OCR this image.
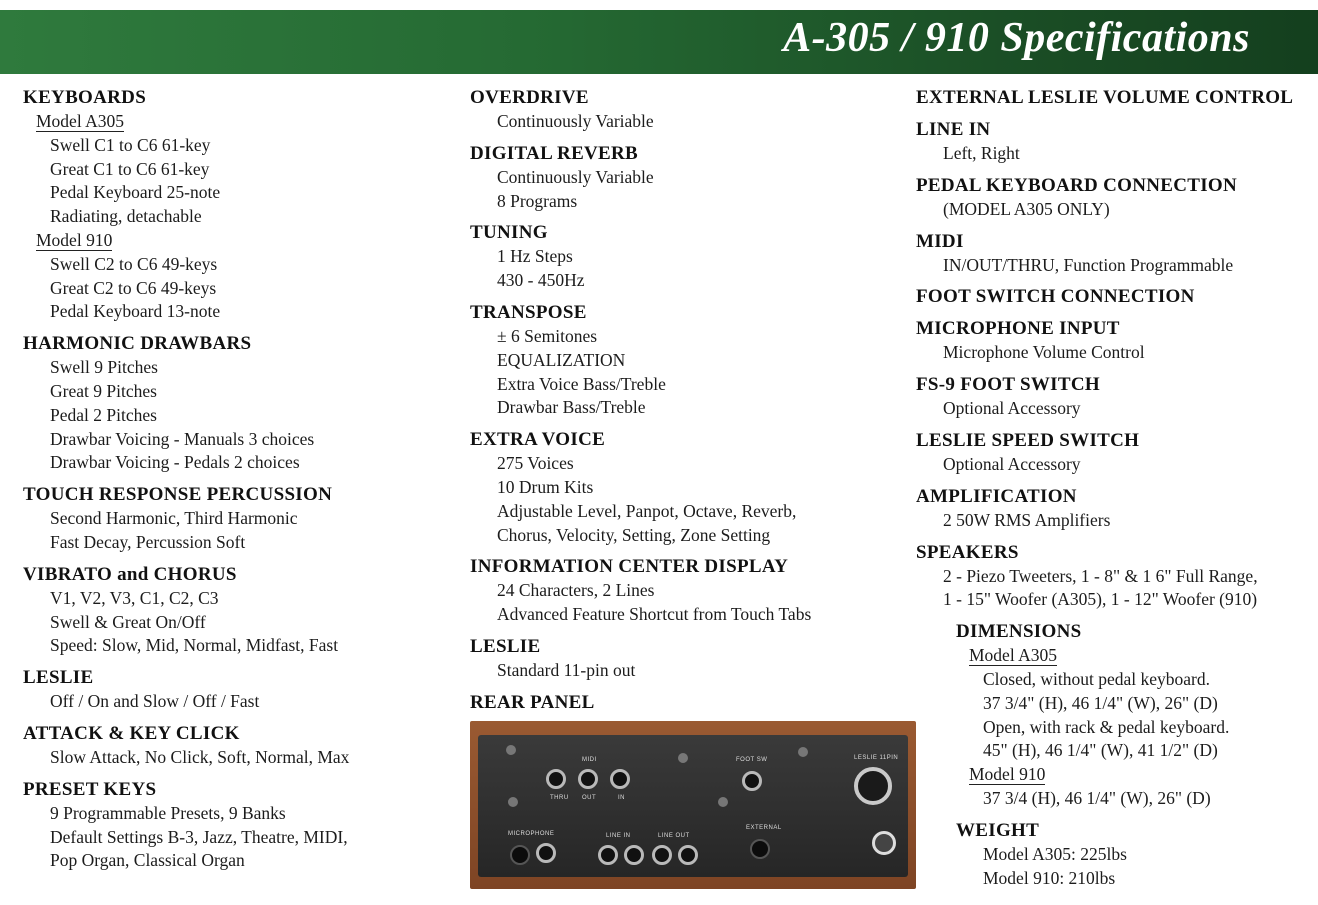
A-305 / 910 Specifications
KEYBOARDS
Model A305
Swell C1 to C6 61-key
Great C1 to C6 61-key
Pedal Keyboard 25-note
Radiating, detachable
Model 910
Swell C2 to C6 49-keys
Great C2 to C6 49-keys
Pedal Keyboard 13-note
HARMONIC DRAWBARS
Swell 9 Pitches
Great 9 Pitches
Pedal 2 Pitches
Drawbar Voicing - Manuals 3 choices
Drawbar Voicing - Pedals 2 choices
TOUCH RESPONSE PERCUSSION
Second Harmonic, Third Harmonic
Fast Decay, Percussion Soft
VIBRATO and CHORUS
V1, V2, V3, C1, C2, C3
Swell & Great On/Off
Speed: Slow, Mid, Normal, Midfast, Fast
LESLIE
Off / On and Slow / Off / Fast
ATTACK & KEY CLICK
Slow Attack, No Click, Soft, Normal, Max
PRESET KEYS
9 Programmable Presets, 9 Banks
Default Settings B-3, Jazz, Theatre, MIDI,
Pop Organ, Classical Organ
OVERDRIVE
Continuously Variable
DIGITAL REVERB
Continuously Variable
8 Programs
TUNING
1 Hz Steps
430 - 450Hz
TRANSPOSE
± 6 Semitones
EQUALIZATION
Extra Voice Bass/Treble
Drawbar Bass/Treble
EXTRA VOICE
275 Voices
10 Drum Kits
Adjustable Level, Panpot, Octave, Reverb,
Chorus, Velocity, Setting, Zone Setting
INFORMATION CENTER DISPLAY
24 Characters, 2 Lines
Advanced Feature Shortcut from Touch Tabs
LESLIE
Standard 11-pin out
REAR PANEL
MIDI
THRU OUT	IN
FOOT SW	LESLIE 11PIN
MICROPHONE	LINE IN	LINE OUT
EXTERNAL
EXTERNAL LESLIE VOLUME CONTROL
LINE IN
Left, Right
PEDAL KEYBOARD CONNECTION
(MODEL A305 ONLY)
MIDI
IN/OUT/THRU, Function Programmable
FOOT SWITCH CONNECTION
MICROPHONE INPUT
Microphone Volume Control
FS-9 FOOT SWITCH
Optional Accessory
LESLIE SPEED SWITCH
Optional Accessory
AMPLIFICATION
2 50W RMS Amplifiers
SPEAKERS
2 - Piezo Tweeters, 1 - 8" & 1 6" Full Range,
1 - 15" Woofer (A305), 1 - 12" Woofer (910)
DIMENSIONS
Model A305
Closed, without pedal keyboard.
37 3/4" (H), 46 1/4" (W), 26" (D)
Open, with rack & pedal keyboard.
45" (H), 46 1/4" (W), 41 1/2" (D)
Model 910
37 3/4 (H), 46 1/4" (W), 26" (D)
WEIGHT
Model A305: 225lbs
Model 910: 210lbs
